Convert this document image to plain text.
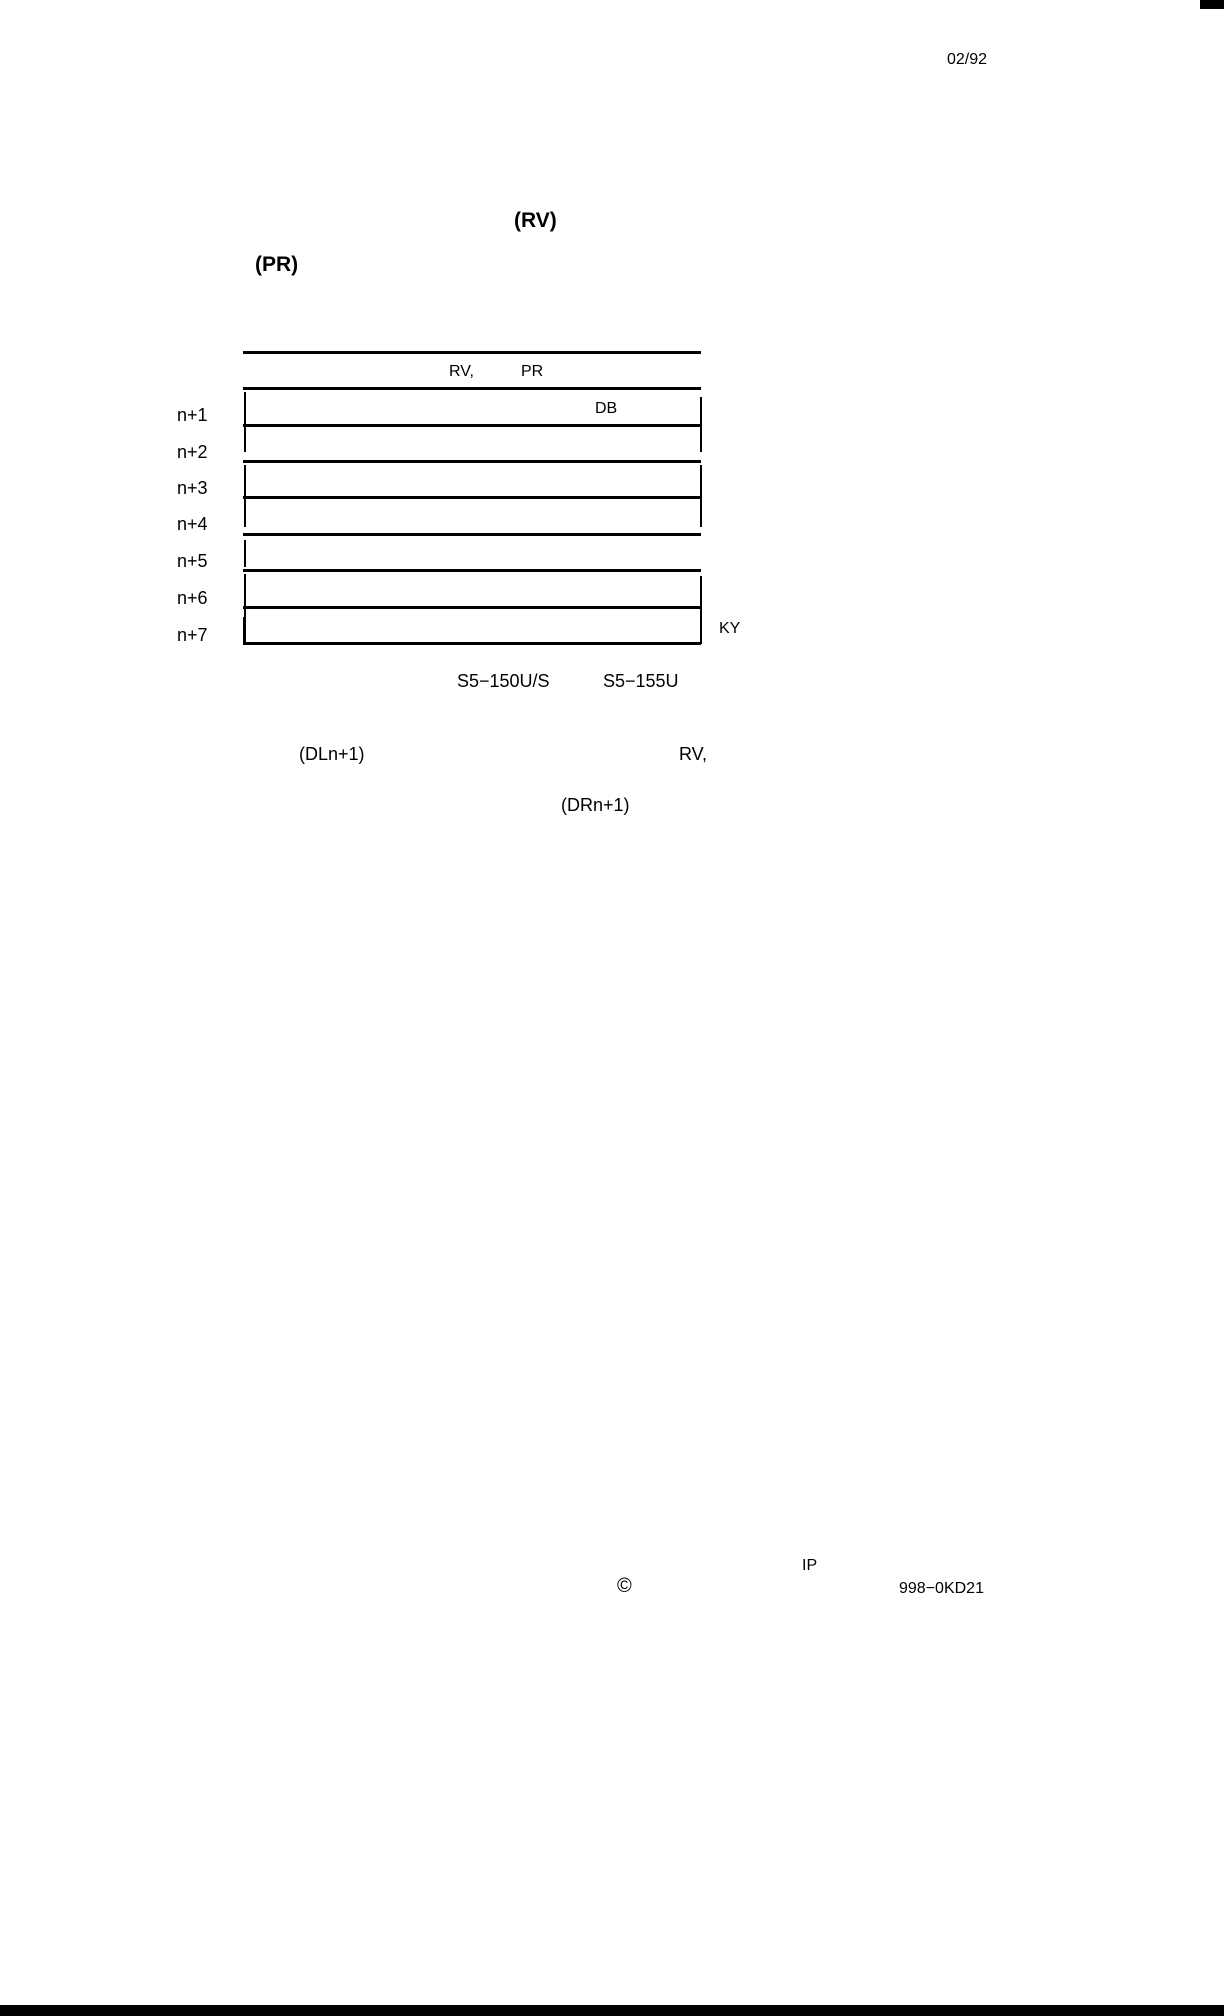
02/92
(RV)
(PR)
RV,	PR
n+1	DB
n+2
n+3
n+4
n+5
n+6
n+7	KY
S5−150U/S	S5−155U
(DLn+1)	RV,
(DRn+1)
IP
©	998−0KD21
